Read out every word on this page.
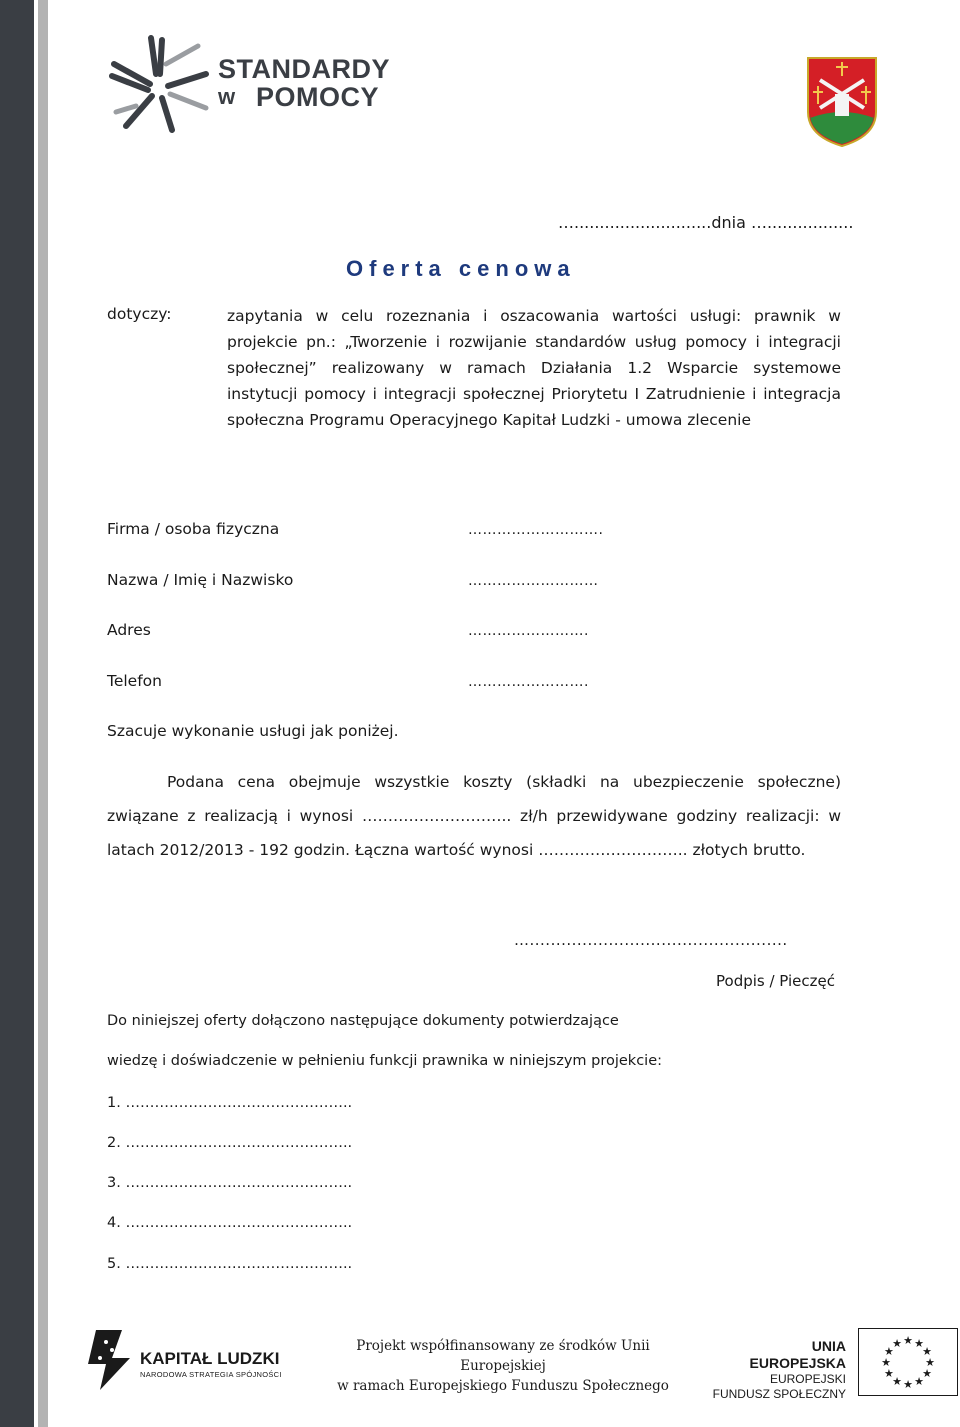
STANDARDY
w POMOCY
…...........................dnia ….................
Oferta cenowa
dotyczy:	zapytania w celu rozeznania i oszacowania wartości usługi: prawnik w projekcie pn.: „Tworzenie i rozwijanie standardów usług pomocy i integracji społecznej” realizowany w ramach Działania 1.2 Wsparcie systemowe instytucji pomocy i integracji społecznej Priorytetu I Zatrudnienie i integracja społeczna Programu Operacyjnego Kapitał Ludzki - umowa zlecenie
Firma / osoba fizyczna	……………………….
Nazwa / Imię i Nazwisko	………………………
Adres	…………………….
Telefon	…………………….
Szacuje wykonanie usługi jak poniżej.
Podana cena obejmuje wszystkie koszty (składki na ubezpieczenie społeczne) związane z realizacją i wynosi ……………………….. zł/h przewidywane godziny realizacji: w latach 2012/2013 - 192 godzin. Łączna wartość wynosi ……………………….. złotych brutto.
….................................................
Podpis / Pieczęć
Do niniejszej oferty dołączono następujące dokumenty potwierdzające
wiedzę i doświadczenie w pełnieniu funkcji prawnika w niniejszym projekcie:
1. ………………………………………..
2. ………………………………………..
3. ………………………………………..
4. ………………………………………..
5. ………………………………………..
KAPITAŁ LUDZKI
NARODOWA STRATEGIA SPÓJNOŚCI
Projekt współfinansowany ze środków Unii Europejskiej
w ramach Europejskiego Funduszu Społecznego
UNIA EUROPEJSKA
EUROPEJSKI
FUNDUSZ SPOŁECZNY
★
★
★
★
★
★
★
★
★ ★ ★
★
